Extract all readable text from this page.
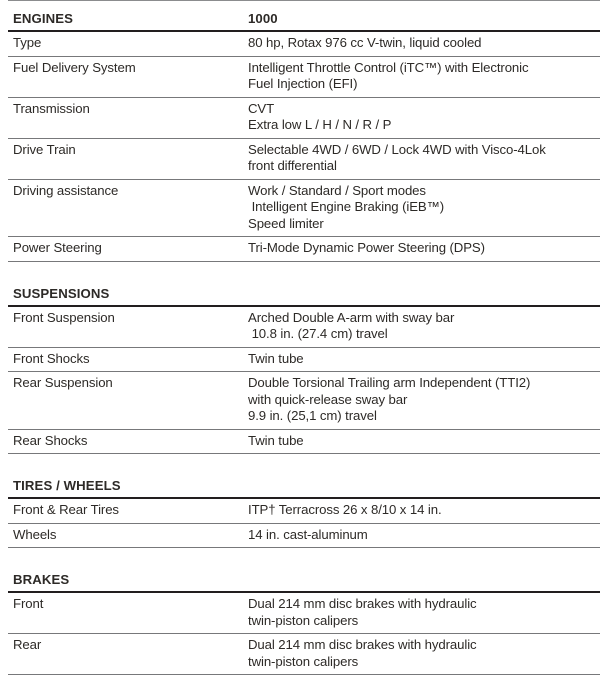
ENGINES	1000
Type	80 hp, Rotax 976 cc V-twin, liquid cooled
Fuel Delivery System	Intelligent Throttle Control (iTC™) with Electronic
Fuel Injection (EFI)
Transmission	CVT
Extra low L / H / N / R / P
Drive Train	Selectable 4WD / 6WD / Lock 4WD with Visco-4Lok
front differential
Driving assistance	Work / Standard / Sport modes
Intelligent Engine Braking (iEB™)
Speed limiter
Power Steering	Tri-Mode Dynamic Power Steering (DPS)
SUSPENSIONS
Front Suspension	Arched Double A-arm with sway bar
10.8 in. (27.4 cm) travel
Front Shocks	Twin tube
Rear Suspension	Double Torsional Trailing arm Independent (TTI2)
with quick-release sway bar
9.9 in. (25,1 cm) travel
Rear Shocks	Twin tube
TIRES / WHEELS
Front & Rear Tires	ITP† Terracross 26 x 8/10 x 14 in.
Wheels	14 in. cast-aluminum
BRAKES
Front	Dual 214 mm disc brakes with hydraulic
twin-piston calipers
Rear	Dual 214 mm disc brakes with hydraulic
twin-piston calipers
